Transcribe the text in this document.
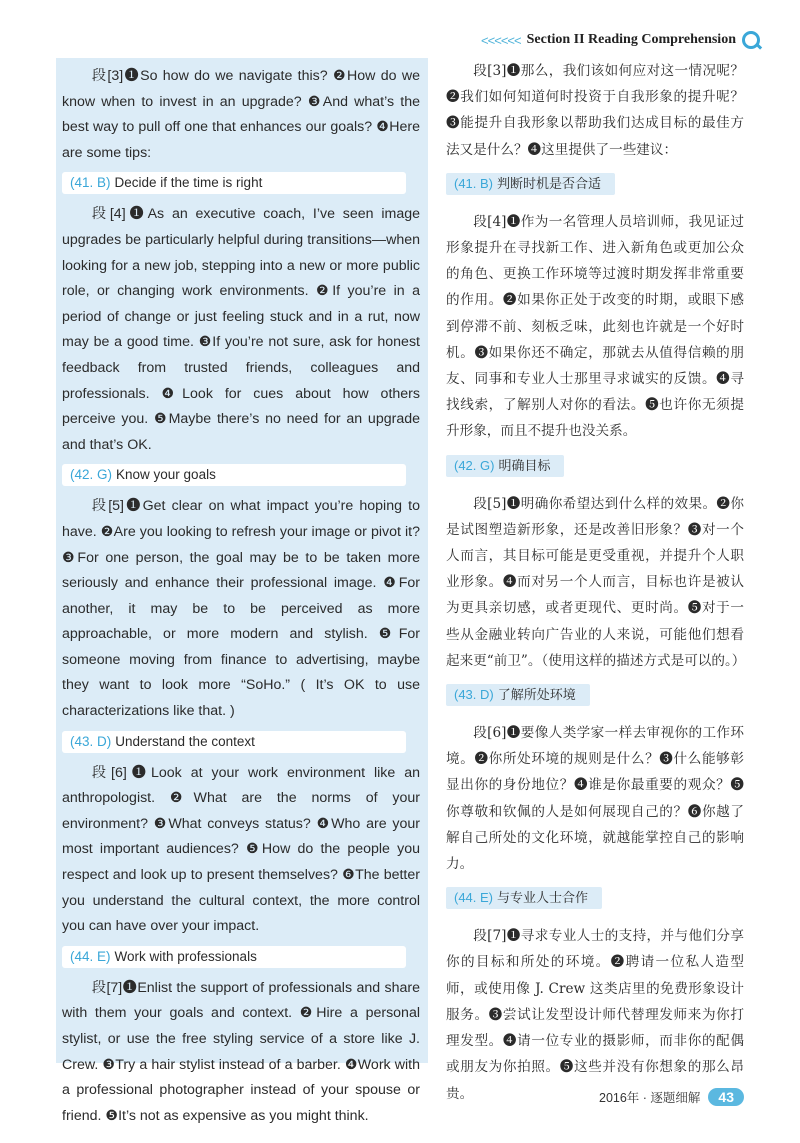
<<<<<< Section II Reading Comprehension

段[3]❶So how do we navigate this? ❷How do we know when to invest in an upgrade? ❸And what’s the best way to pull off one that enhances our goals? ❹Here are some tips:

(41. B) Decide if the time is right

段[4]❶As an executive coach, I’ve seen image upgrades be particularly helpful during transitions—when looking for a new job, stepping into a new or more public role, or changing work environments. ❷If you’re in a period of change or just feeling stuck and in a rut, now may be a good time. ❸If you’re not sure, ask for honest feedback from trusted friends, colleagues and professionals. ❹Look for cues about how others perceive you. ❺Maybe there’s no need for an upgrade and that’s OK.

(42. G) Know your goals

段[5]❶Get clear on what impact you’re hoping to have. ❷Are you looking to refresh your image or pivot it? ❸For one person, the goal may be to be taken more seriously and enhance their professional image. ❹For another, it may be to be perceived as more approachable, or more modern and stylish. ❺For someone moving from finance to advertising, maybe they want to look more “SoHo.” ( It’s OK to use characterizations like that. )

(43. D) Understand the context

段[6]❶Look at your work environment like an anthropologist. ❷What are the norms of your environment? ❸What conveys status? ❹Who are your most important audiences? ❺How do the people you respect and look up to present themselves? ❻The better you understand the cultural context, the more control you can have over your impact.

(44. E) Work with professionals

段[7]❶Enlist the support of professionals and share with them your goals and context. ❷Hire a personal stylist, or use the free styling service of a store like J. Crew. ❸Try a hair stylist instead of a barber. ❹Work with a professional photographer instead of your spouse or friend. ❺It’s not as expensive as you might think.

段[3]❶那么，我们该如何应对这一情况呢？❷我们如何知道何时投资于自我形象的提升呢？❸能提升自我形象以帮助我们达成目标的最佳方法又是什么？❹这里提供了一些建议：

(41. B) 判断时机是否合适

段[4]❶作为一名管理人员培训师，我见证过形象提升在寻找新工作、进入新角色或更加公众的角色、更换工作环境等过渡时期发挥非常重要的作用。❷如果你正处于改变的时期，或眼下感到停滞不前、刻板乏味，此刻也许就是一个好时机。❸如果你还不确定，那就去从值得信赖的朋友、同事和专业人士那里寻求诚实的反馈。❹寻找线索，了解别人对你的看法。❺也许你无须提升形象，而且不提升也没关系。

(42. G) 明确目标

段[5]❶明确你希望达到什么样的效果。❷你是试图塑造新形象，还是改善旧形象？❸对一个人而言，其目标可能是更受重视，并提升个人职业形象。❹而对另一个人而言，目标也许是被认为更具亲切感，或者更现代、更时尚。❺对于一些从金融业转向广告业的人来说，可能他们想看起来更“前卫”。（使用这样的描述方式是可以的。）

(43. D) 了解所处环境

段[6]❶要像人类学家一样去审视你的工作环境。❷你所处环境的规则是什么？❸什么能够彰显出你的身份地位？❹谁是你最重要的观众？❺你尊敬和钦佩的人是如何展现自己的？❻你越了解自己所处的文化环境，就越能掌控自己的影响力。

(44. E) 与专业人士合作

段[7]❶寻求专业人士的支持，并与他们分享你的目标和所处的环境。❷聘请一位私人造型师，或使用像 J. Crew 这类店里的免费形象设计服务。❸尝试让发型设计师代替理发师来为你打理发型。❹请一位专业的摄影师，而非你的配偶或朋友为你拍照。❺这些并没有你想象的那么昂贵。	2016年 · 逐题细解	43
